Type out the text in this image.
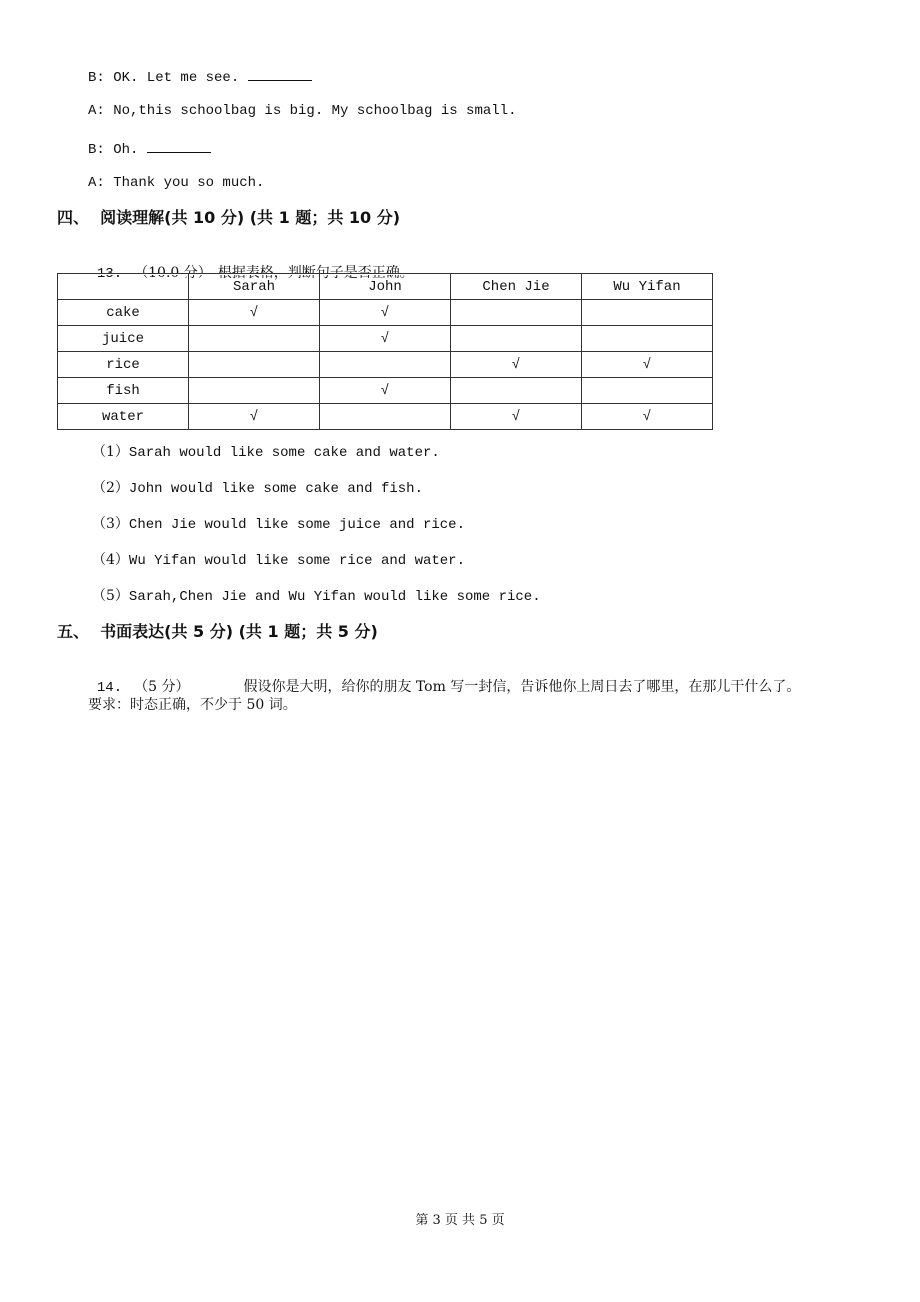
B: OK. Let me see.
A: No,this schoolbag is big. My schoolbag is small.
B: Oh.
A: Thank you so much.
四、  阅读理解(共 10 分) (共 1 题；共 10 分)

13. （10.0 分） 根据表格，判断句子是否正确。

	Sarah	John	Chen Jie	Wu Yifan
cake	√	√		
juice		√		
rice			√	√
fish		√		
water	√		√	√
（1）Sarah would like some cake and water.
（2）John would like some cake and fish.
（3）Chen Jie would like some juice and rice.
（4）Wu Yifan would like some rice and water.
（5）Sarah,Chen Jie and Wu Yifan would like some rice.
五、  书面表达(共 5 分) (共 1 题；共 5 分)

14. （5 分）	假设你是大明，给你的朋友 Tom 写一封信，告诉他你上周日去了哪里，在那儿干什么了。

要求：时态正确，不少于 50 词。
第 3 页 共 5 页
